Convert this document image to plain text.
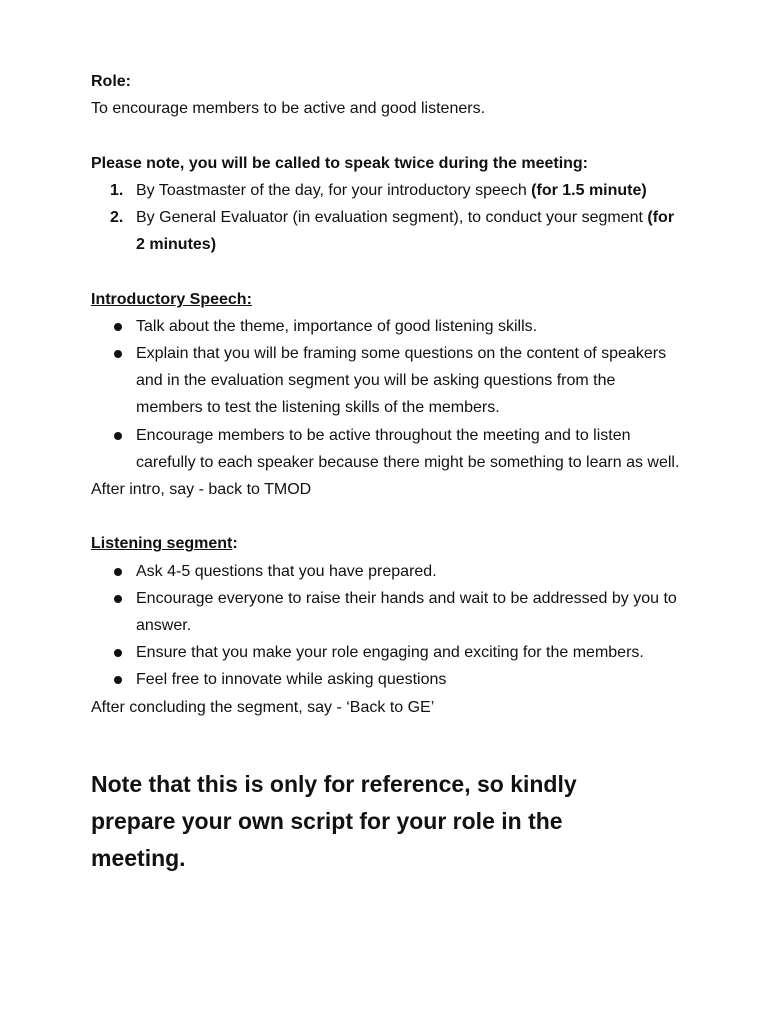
Role:

To encourage members to be active and good listeners.

Please note, you will be called to speak twice during the meeting:

1. By Toastmaster of the day, for your introductory speech (for 1.5 minute)
2. By General Evaluator (in evaluation segment), to conduct your segment (for 2 minutes)

Introductory Speech:

Talk about the theme, importance of good listening skills.
Explain that you will be framing some questions on the content of speakers and in the evaluation segment you will be asking questions from the members to test the listening skills of the members.
Encourage members to be active throughout the meeting and to listen carefully to each speaker because there might be something to learn as well.

After intro, say - back to TMOD

Listening segment:

Ask 4-5 questions that you have prepared.
Encourage everyone to raise their hands and wait to be addressed by you to answer.
Ensure that you make your role engaging and exciting for the members.
Feel free to innovate while asking questions

After concluding the segment, say - ‘Back to GE’

Note that this is only for reference, so kindly prepare your own script for your role in the meeting.
